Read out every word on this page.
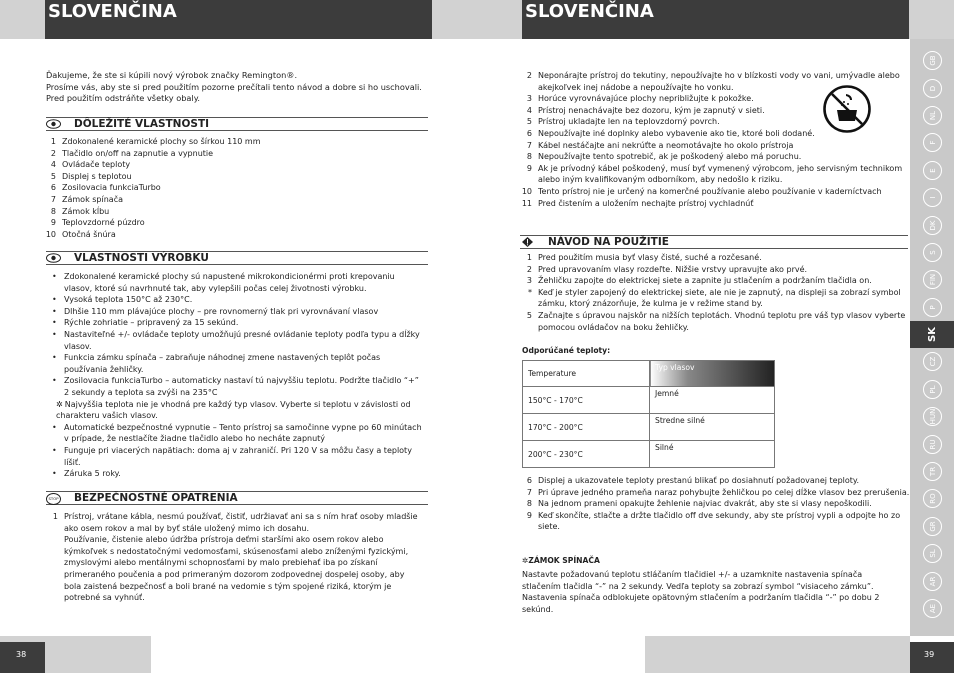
SLOVENČINA

Ďakujeme, že ste si kúpili nový výrobok značky Remington®.

Prosíme vás, aby ste si pred použitím pozorne prečítali tento návod a dobre si ho uschovali.

Pred použitím odstráňte všetky obaly.

DÔLEŽITÉ VLASTNOSTI
1 Zdokonalené keramické plochy so šírkou 110 mm
2 Tlačidlo on/off na zapnutie a vypnutie
4 Ovládače teploty
5 Displej s teplotou
6 Zosilovacia funkciaTurbo
7 Zámok spínača
8 Zámok kĺbu
9 Teplovzdorné púzdro
10 Otočná šnúra
VLASTNOSTI VÝROBKU
• Zdokonalené keramické plochy sú napustené mikrokondicionérmi proti krepovaniu vlasov, ktoré sú navrhnuté tak, aby vylepšili počas celej životnosti výrobku.
• Vysoká teplota 150°C až 230°C.
• Dlhšie 110 mm plávajúce plochy – pre rovnomerný tlak pri vyrovnávaní vlasov
• Rýchle zohriatie – pripravený za 15 sekúnd.
• Nastaviteľné +/- ovládače teploty umožňujú presné ovládanie teploty podľa typu a dĺžky vlasov.
• Funkcia zámku spínača – zabraňuje náhodnej zmene nastavených teplôt počas používania žehličky.
• Zosilovacia funkciaTurbo – automaticky nastaví tú najvyššiu teplotu. Podržte tlačidlo “+” 2 sekundy a teplota sa zvýši na 235°C
✲ Najvyššia teplota nie je vhodná pre každý typ vlasov. Vyberte si teplotu v závislosti od charakteru vašich vlasov.
• Automatické bezpečnostné vypnutie – Tento prístroj sa samočinne vypne po 60 minútach v prípade, že nestlačíte žiadne tlačidlo alebo ho necháte zapnutý
• Funguje pri viacerých napätiach: doma aj v zahraničí. Pri 120 V sa môžu časy a teploty líšiť.
• Záruka 5 roky.
STOP BEZPEČNOSTNÉ OPATRENIA
1 Prístroj, vrátane kábla, nesmú používať, čistiť, udržiavať ani sa s ním hrať osoby mladšie ako osem rokov a mal by byť stále uložený mimo ich dosahu.
Používanie, čistenie alebo údržba prístroja deťmi staršími ako osem rokov alebo kýmkoľvek s nedostatočnými vedomosťami, skúsenosťami alebo zníženými fyzickými, zmyslovými alebo mentálnymi schopnosťami by malo prebiehať iba po získaní primeraného poučenia a pod primeraným dozorom zodpovednej dospelej osoby, aby bola zaistená bezpečnosť a boli brané na vedomie s tým spojené riziká, ktorým je potrebné sa vyhnúť.
38
SLOVENČINA
2 Neponárajte prístroj do tekutiny, nepoužívajte ho v blízkosti vody vo vani, umývadle alebo akejkoľvek inej nádobe a nepoužívajte ho vonku.
3 Horúce vyrovnávajúce plochy nepribližujte k pokožke.
4 Prístroj nenachávajte bez dozoru, kým je zapnutý v sieti.
5 Prístroj ukladajte len na teplovzdorný povrch.
6 Nepoužívajte iné doplnky alebo vybavenie ako tie, ktoré boli dodané.
7 Kábel nestáčajte ani nekrúťte a neomotávajte ho okolo prístroja
8 Nepoužívajte tento spotrebič, ak je poškodený alebo má poruchu.
9 Ak je prívodný kábel poškodený, musí byť vymenený výrobcom, jeho servisným technikom alebo iným kvalifikovaným odborníkom, aby nedošlo k riziku.
10 Tento prístroj nie je určený na komerčné používanie alebo používanie v kaderníctvach
11 Pred čistením a uložením nechajte prístroj vychladnúť
NÁVOD NA POUŽITIE
1 Pred použitím musia byť vlasy čisté, suché a rozčesané.
2 Pred upravovaním vlasy rozdeľte. Nižšie vrstvy upravujte ako prvé.
3 Žehličku zapojte do elektrickej siete a zapnite ju stlačením a podržaním tlačidla on.
* Keď je styler zapojený do elektrickej siete, ale nie je zapnutý, na displeji sa zobrazí symbol zámku, ktorý znázorňuje, že kulma je v režime stand by.
5 Začnajte s úpravou najskôr na nižších teplotách. Vhodnú teplotu pre váš typ vlasov vyberte pomocou ovládačov na boku žehličky.
Odporúčané teploty:
Temperature	Typ vlasov
150°C - 170°C	Jemné
170°C - 200°C	Stredne silné
200°C - 230°C	Silné
6 Displej a ukazovatele teploty prestanú blikať po dosiahnutí požadovanej teploty.
7 Pri úprave jedného prameňa naraz pohybujte žehličkou po celej dĺžke vlasov bez prerušenia.
8 Na jednom prameni opakujte žehlenie najviac dvakrát, aby ste si vlasy nepoškodili.
9 Keď skončíte, stlačte a držte tlačidlo off dve sekundy, aby ste prístroj vypli a odpojte ho zo siete.
✲ZÁMOK SPÍNAČA
Nastavte požadovanú teplotu stláčaním tlačidiel +/- a uzamknite nastavenia spínača stlačením tlačidla “-” na 2 sekundy. Vedľa teploty sa zobrazí symbol “visiaceho zámku”. Nastavenia spínača odblokujete opätovným stlačením a podržaním tlačidla “-” po dobu 2 sekúnd.
39
GB
D
NL
F
E
I
DK
S
FIN
P
SK
CZ
PL
HUN
RU
TR
RO
GR
SL
AR
AE
